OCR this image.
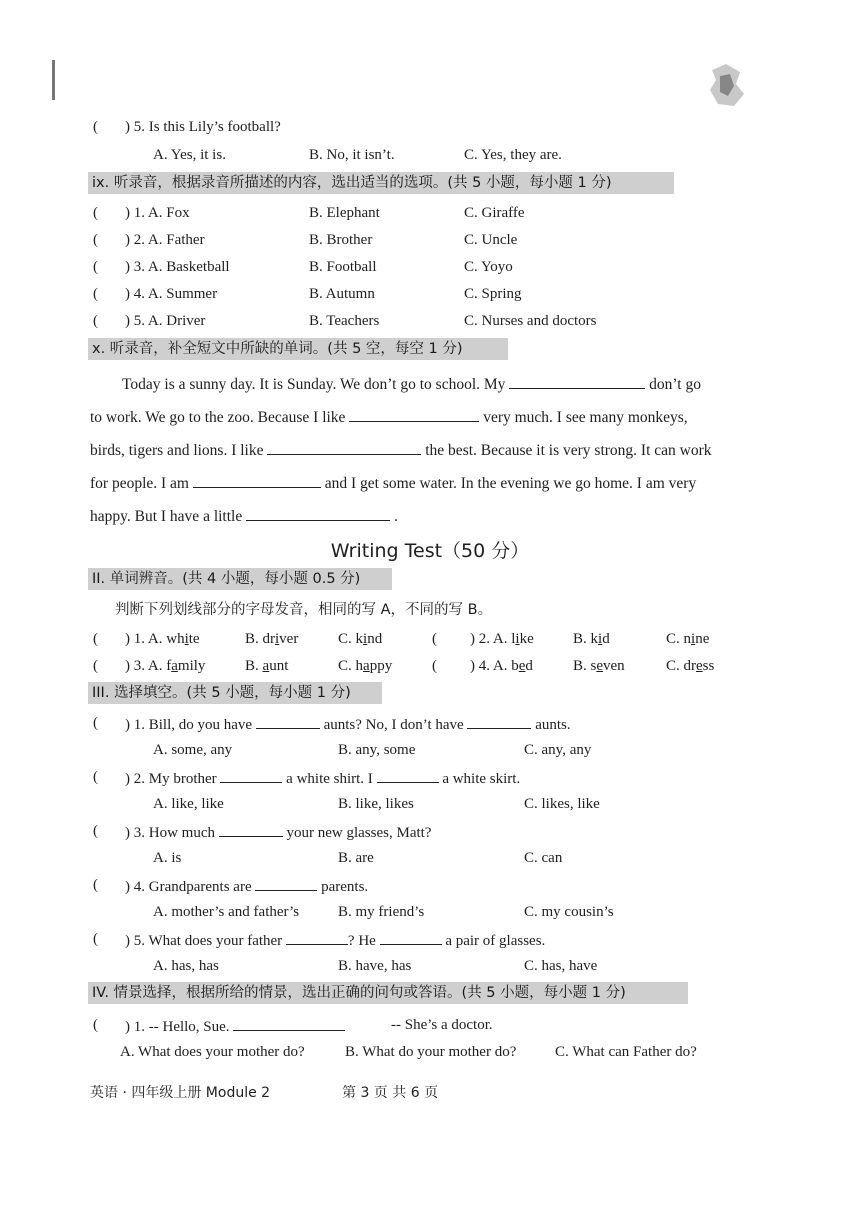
( ) 5. Is this Lily’s football?
A. Yes, it is.	B. No, it isn’t.	C. Yes, they are.
ix. 听录音，根据录音所描述的内容，选出适当的选项。(共 5 小题，每小题 1 分)
( ) 1. A. Fox	B. Elephant	C. Giraffe
( ) 2. A. Father	B. Brother	C. Uncle
( ) 3. A. Basketball	B. Football	C. Yoyo
( ) 4. A. Summer	B. Autumn	C. Spring
( ) 5. A. Driver	B. Teachers	C. Nurses and doctors
x. 听录音，补全短文中所缺的单词。(共 5 空，每空 1 分)
Today is a sunny day. It is Sunday. We don’t go to school. My	don’t go
to work. We go to the zoo. Because I like	very much. I see many monkeys,
birds, tigers and lions. I like	the best. Because it is very strong. It can work
for people. I am	and I get some water. In the evening we go home. I am very
happy. But I have a little	.
Writing Test（50 分）
II. 单词辨音。(共 4 小题，每小题 0.5 分)
判断下列划线部分的字母发音，相同的写 A，不同的写 B。
( ) 1. A. white	B. driver	C. kind	( ) 2. A. like	B. kid	C. nine
( ) 3. A. family	B. aunt	C. happy	( ) 4. A. bed	B. seven	C. dress
III. 选择填空。(共 5 小题，每小题 1 分)
( ) 1. Bill, do you have	aunts? No, I don’t have	aunts.
A. some, any	B. any, some	C. any, any
( ) 2. My brother	a white shirt. I	a white skirt.
A. like, like	B. like, likes	C. likes, like
( ) 3. How much	your new glasses, Matt?
A. is	B. are	C. can
( ) 4. Grandparents are	parents.
A. mother’s and father’s	B. my friend’s	C. my cousin’s
( ) 5. What does your father	? He	a pair of glasses.
A. has, has	B. have, has	C. has, have
IV. 情景选择，根据所给的情景，选出正确的问句或答语。(共 5 小题，每小题 1 分)
( ) 1. -- Hello, Sue.	-- She’s a doctor.
A. What does your mother do?	B. What do your mother do?	C. What can Father do?
英语 · 四年级上册 Module 2	第 3 页 共 6 页
